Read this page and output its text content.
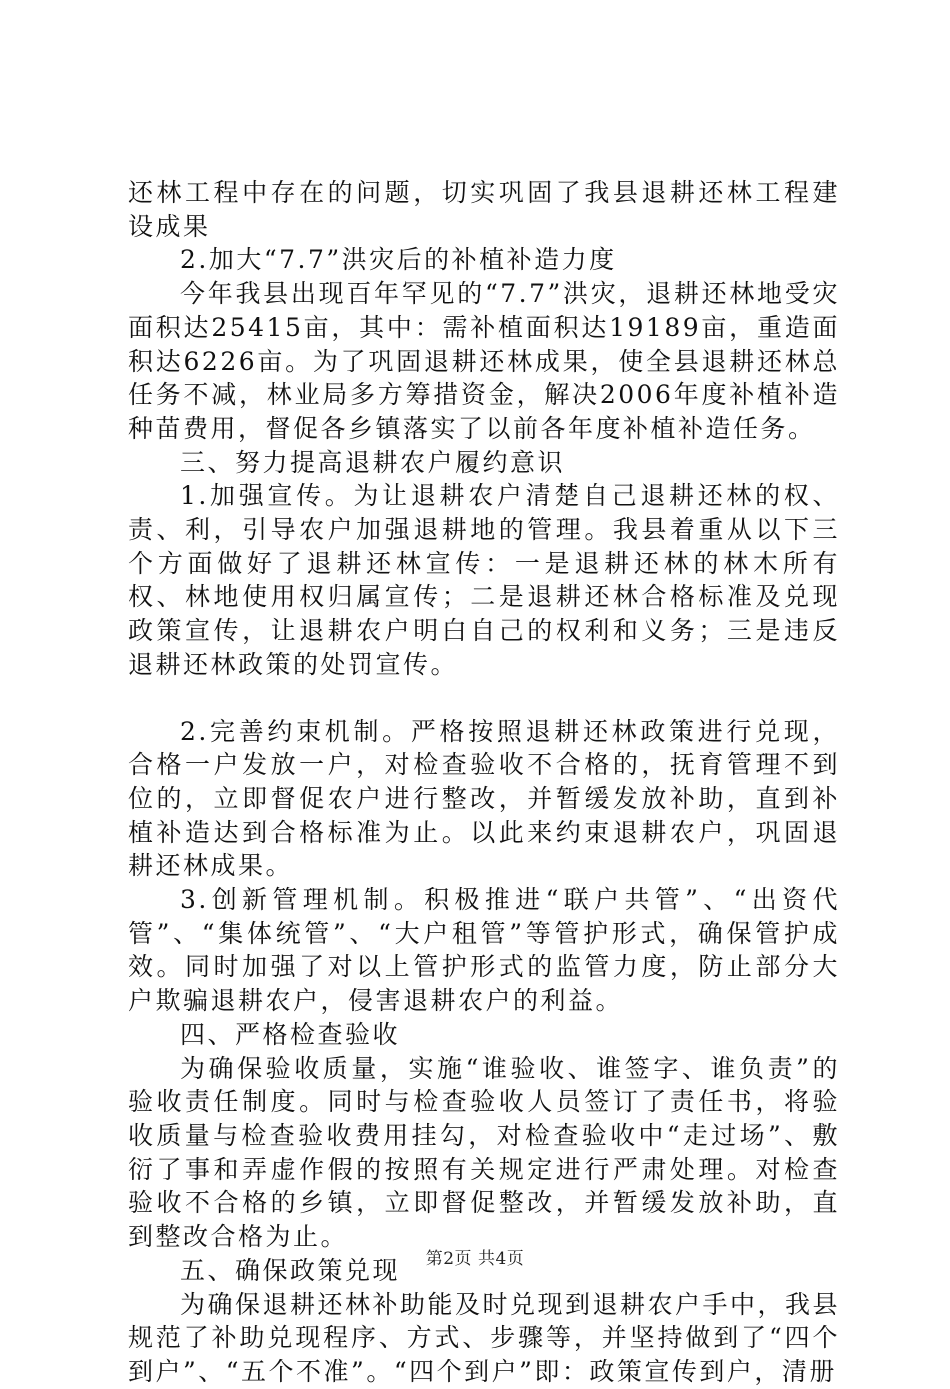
还林工程中存在的问题，切实巩固了我县退耕还林工程建设成果

2.加大“7.7”洪灾后的补植补造力度

今年我县出现百年罕见的“7.7”洪灾，退耕还林地受灾面积达25415亩，其中：需补植面积达19189亩，重造面积达6226亩。为了巩固退耕还林成果，使全县退耕还林总任务不减，林业局多方筹措资金，解决2006年度补植补造种苗费用，督促各乡镇落实了以前各年度补植补造任务。

三、努力提高退耕农户履约意识

1.加强宣传。为让退耕农户清楚自己退耕还林的权、责、利，引导农户加强退耕地的管理。我县着重从以下三个方面做好了退耕还林宣传：一是退耕还林的林木所有权、林地使用权归属宣传；二是退耕还林合格标准及兑现政策宣传，让退耕农户明白自己的权利和义务；三是违反退耕还林政策的处罚宣传。

2.完善约束机制。严格按照退耕还林政策进行兑现，合格一户发放一户，对检查验收不合格的，抚育管理不到位的，立即督促农户进行整改，并暂缓发放补助，直到补植补造达到合格标准为止。以此来约束退耕农户，巩固退耕还林成果。

3.创新管理机制。积极推进“联户共管”、“出资代管”、“集体统管”、“大户租管”等管护形式，确保管护成效。同时加强了对以上管护形式的监管力度，防止部分大户欺骗退耕农户，侵害退耕农户的利益。

四、严格检查验收

为确保验收质量，实施“谁验收、谁签字、谁负责”的验收责任制度。同时与检查验收人员签订了责任书，将验收质量与检查验收费用挂勾，对检查验收中“走过场”、敷衍了事和弄虚作假的按照有关规定进行严肃处理。对检查验收不合格的乡镇，立即督促整改，并暂缓发放补助，直到整改合格为止。

五、确保政策兑现

为确保退耕还林补助能及时兑现到退耕农户手中，我县规范了补助兑现程序、方式、步骤等，并坚持做到了“四个到户”、“五个不准”。“四个到户”即：政策宣传到户，清册

第2页 共4页
